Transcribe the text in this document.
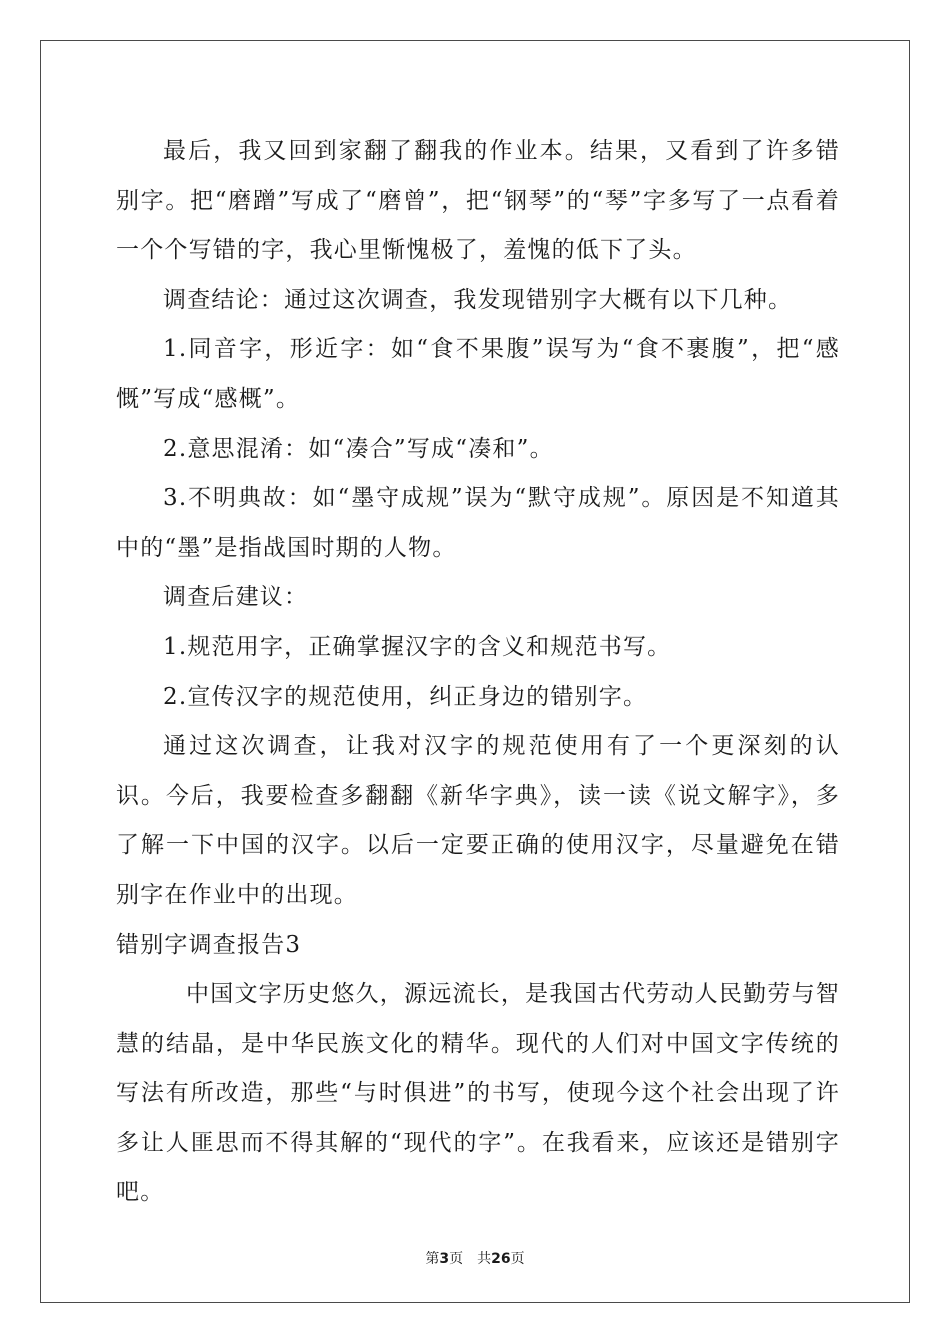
最后，我又回到家翻了翻我的作业本。结果，又看到了许多错别字。把“磨蹭”写成了“磨曾”，把“钢琴”的“琴”字多写了一点看着一个个写错的字，我心里惭愧极了，羞愧的低下了头。

调查结论：通过这次调查，我发现错别字大概有以下几种。

1.同音字，形近字：如“食不果腹”误写为“食不裹腹”，把“感慨”写成“感概”。

2.意思混淆：如“凑合”写成“凑和”。

3.不明典故：如“墨守成规”误为“默守成规”。原因是不知道其中的“墨”是指战国时期的人物。

调查后建议：

1.规范用字，正确掌握汉字的含义和规范书写。

2.宣传汉字的规范使用，纠正身边的错别字。

通过这次调查，让我对汉字的规范使用有了一个更深刻的认识。今后，我要检查多翻翻《新华字典》，读一读《说文解字》，多了解一下中国的汉字。以后一定要正确的使用汉字，尽量避免在错别字在作业中的出现。

错别字调查报告3

中国文字历史悠久，源远流长，是我国古代劳动人民勤劳与智慧的结晶，是中华民族文化的精华。现代的人们对中国文字传统的写法有所改造，那些“与时俱进”的书写，使现今这个社会出现了许多让人匪思而不得其解的“现代的字”。在我看来，应该还是错别字吧。

第3页　共26页
